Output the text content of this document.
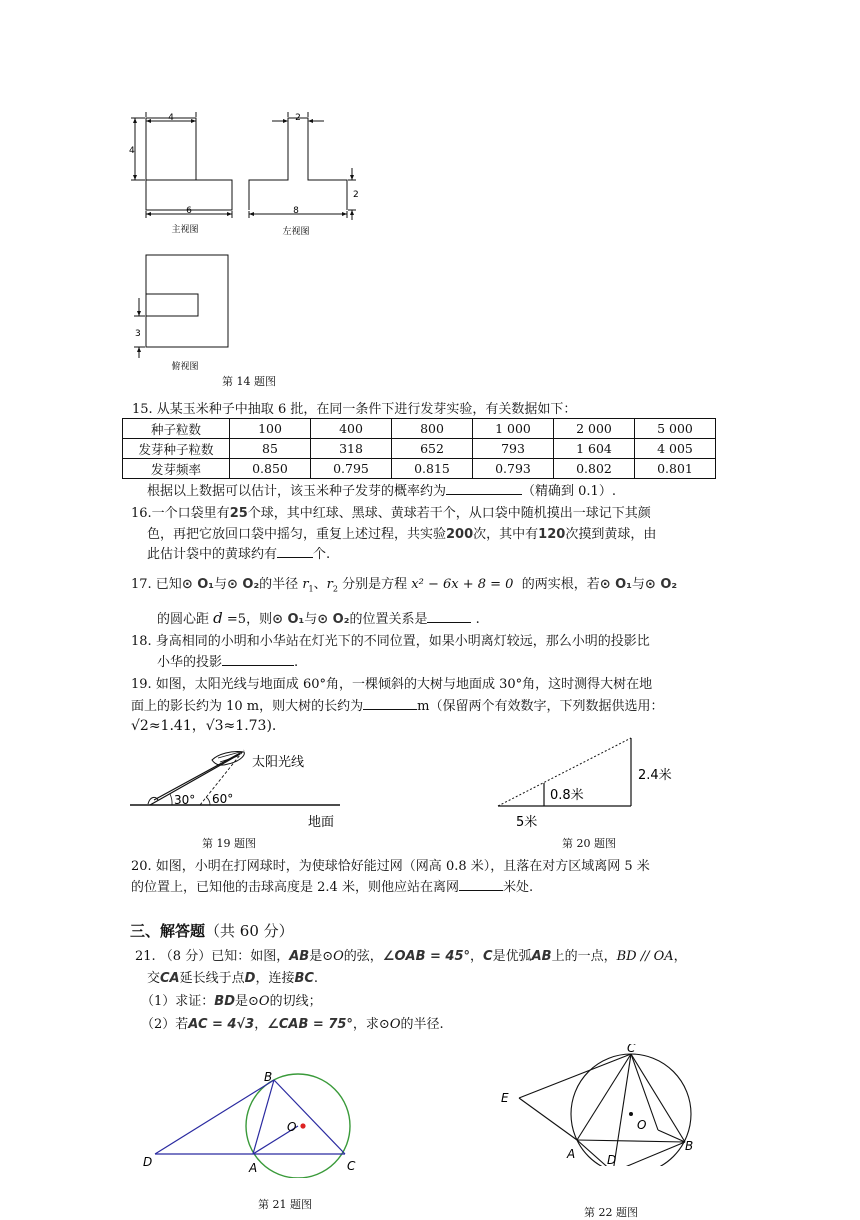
4
4
6
主视图
2
2
8
左视图
3
俯视图
第 14 题图
15. 从某玉米种子中抽取 6 批，在同一条件下进行发芽实验，有关数据如下：
种子粒数	100	400	800	1 000	2 000	5 000
发芽种子粒数	85	318	652	793	1 604	4 005
发芽频率	0.850	0.795	0.815	0.793	0.802	0.801
根据以上数据可以估计，该玉米种子发芽的概率约为	（精确到 0.1）.
16.一个口袋里有25个球，其中红球、黑球、黄球若干个，从口袋中随机摸出一球记下其颜
色，再把它放回口袋中摇匀，重复上述过程，共实验200次，其中有120次摸到黄球，由
此估计袋中的黄球约有	个.
17. 已知⊙ O₁与⊙ O₂的半径 $r_1$、$r_2$ 分别是方程 x² − 6x + 8 = 0 的两实根，若⊙ O₁与⊙ O₂
的圆心距 d =5，则⊙ O₁与⊙ O₂的位置关系是	.
18. 身高相同的小明和小华站在灯光下的不同位置，如果小明离灯较远，那么小明的投影比
小华的投影	.
19. 如图，太阳光线与地面成 60°角，一棵倾斜的大树与地面成 30°角，这时测得大树在地
面上的影长约为 10 m，则大树的长约为	m（保留两个有效数字，下列数据供选用：
√2≈1.41，√3≈1.73).
太阳光线
30° 60°
地面
第 19 题图
2.4米
0.8米
5米
第 20 题图
20. 如图，小明在打网球时，为使球恰好能过网（网高 0.8 米），且落在对方区域离网 5 米
的位置上，已知他的击球高度是 2.4 米，则他应站在离网	米处.
三、解答题（共 60 分）
21. （8 分）已知：如图，AB是⊙O的弦，∠OAB = 45°，C是优弧AB上的一点，BD // OA，
交CA延长线于点D，连接BC.
（1）求证：BD是⊙O的切线；
（2）若AC = 4√3，∠CAB = 75°，求⊙O的半径.
B
O
D	A	C
第 21 题图
C
E
O
A
B
D
第 22 题图
